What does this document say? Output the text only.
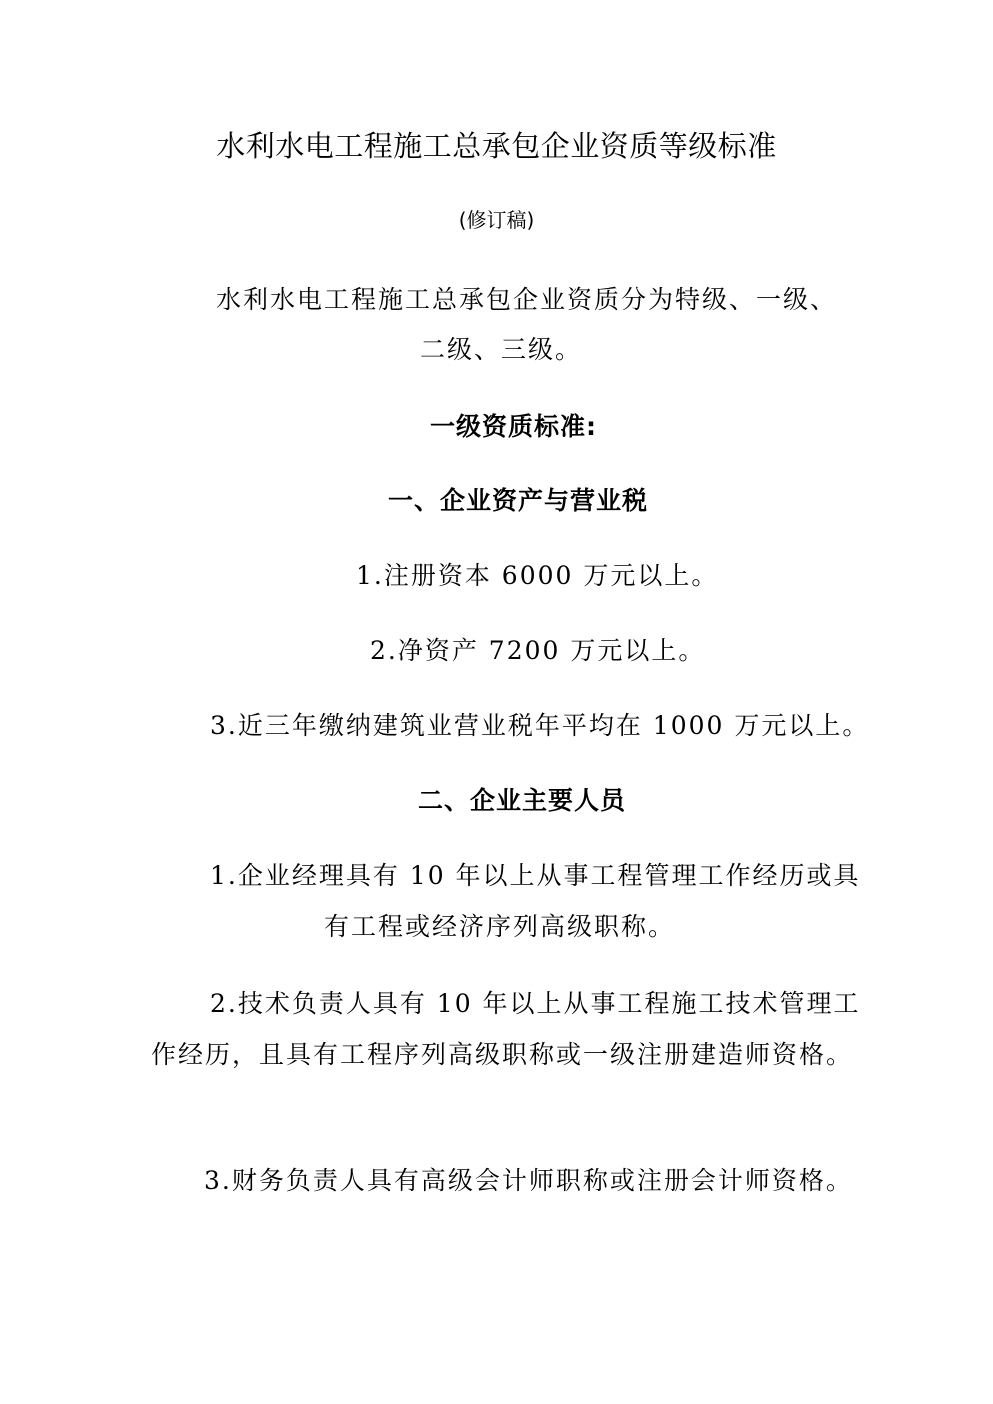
水利水电工程施工总承包企业资质等级标准
(修订稿)
水利水电工程施工总承包企业资质分为特级、一级、
二级、三级。
一级资质标准:
一、企业资产与营业税
1.注册资本 6000 万元以上。
2.净资产 7200 万元以上。
3.近三年缴纳建筑业营业税年平均在 1000 万元以上。
二、企业主要人员
1.企业经理具有 10 年以上从事工程管理工作经历或具
有工程或经济序列高级职称。
2.技术负责人具有 10 年以上从事工程施工技术管理工
作经历，且具有工程序列高级职称或一级注册建造师资格。
3.财务负责人具有高级会计师职称或注册会计师资格。
